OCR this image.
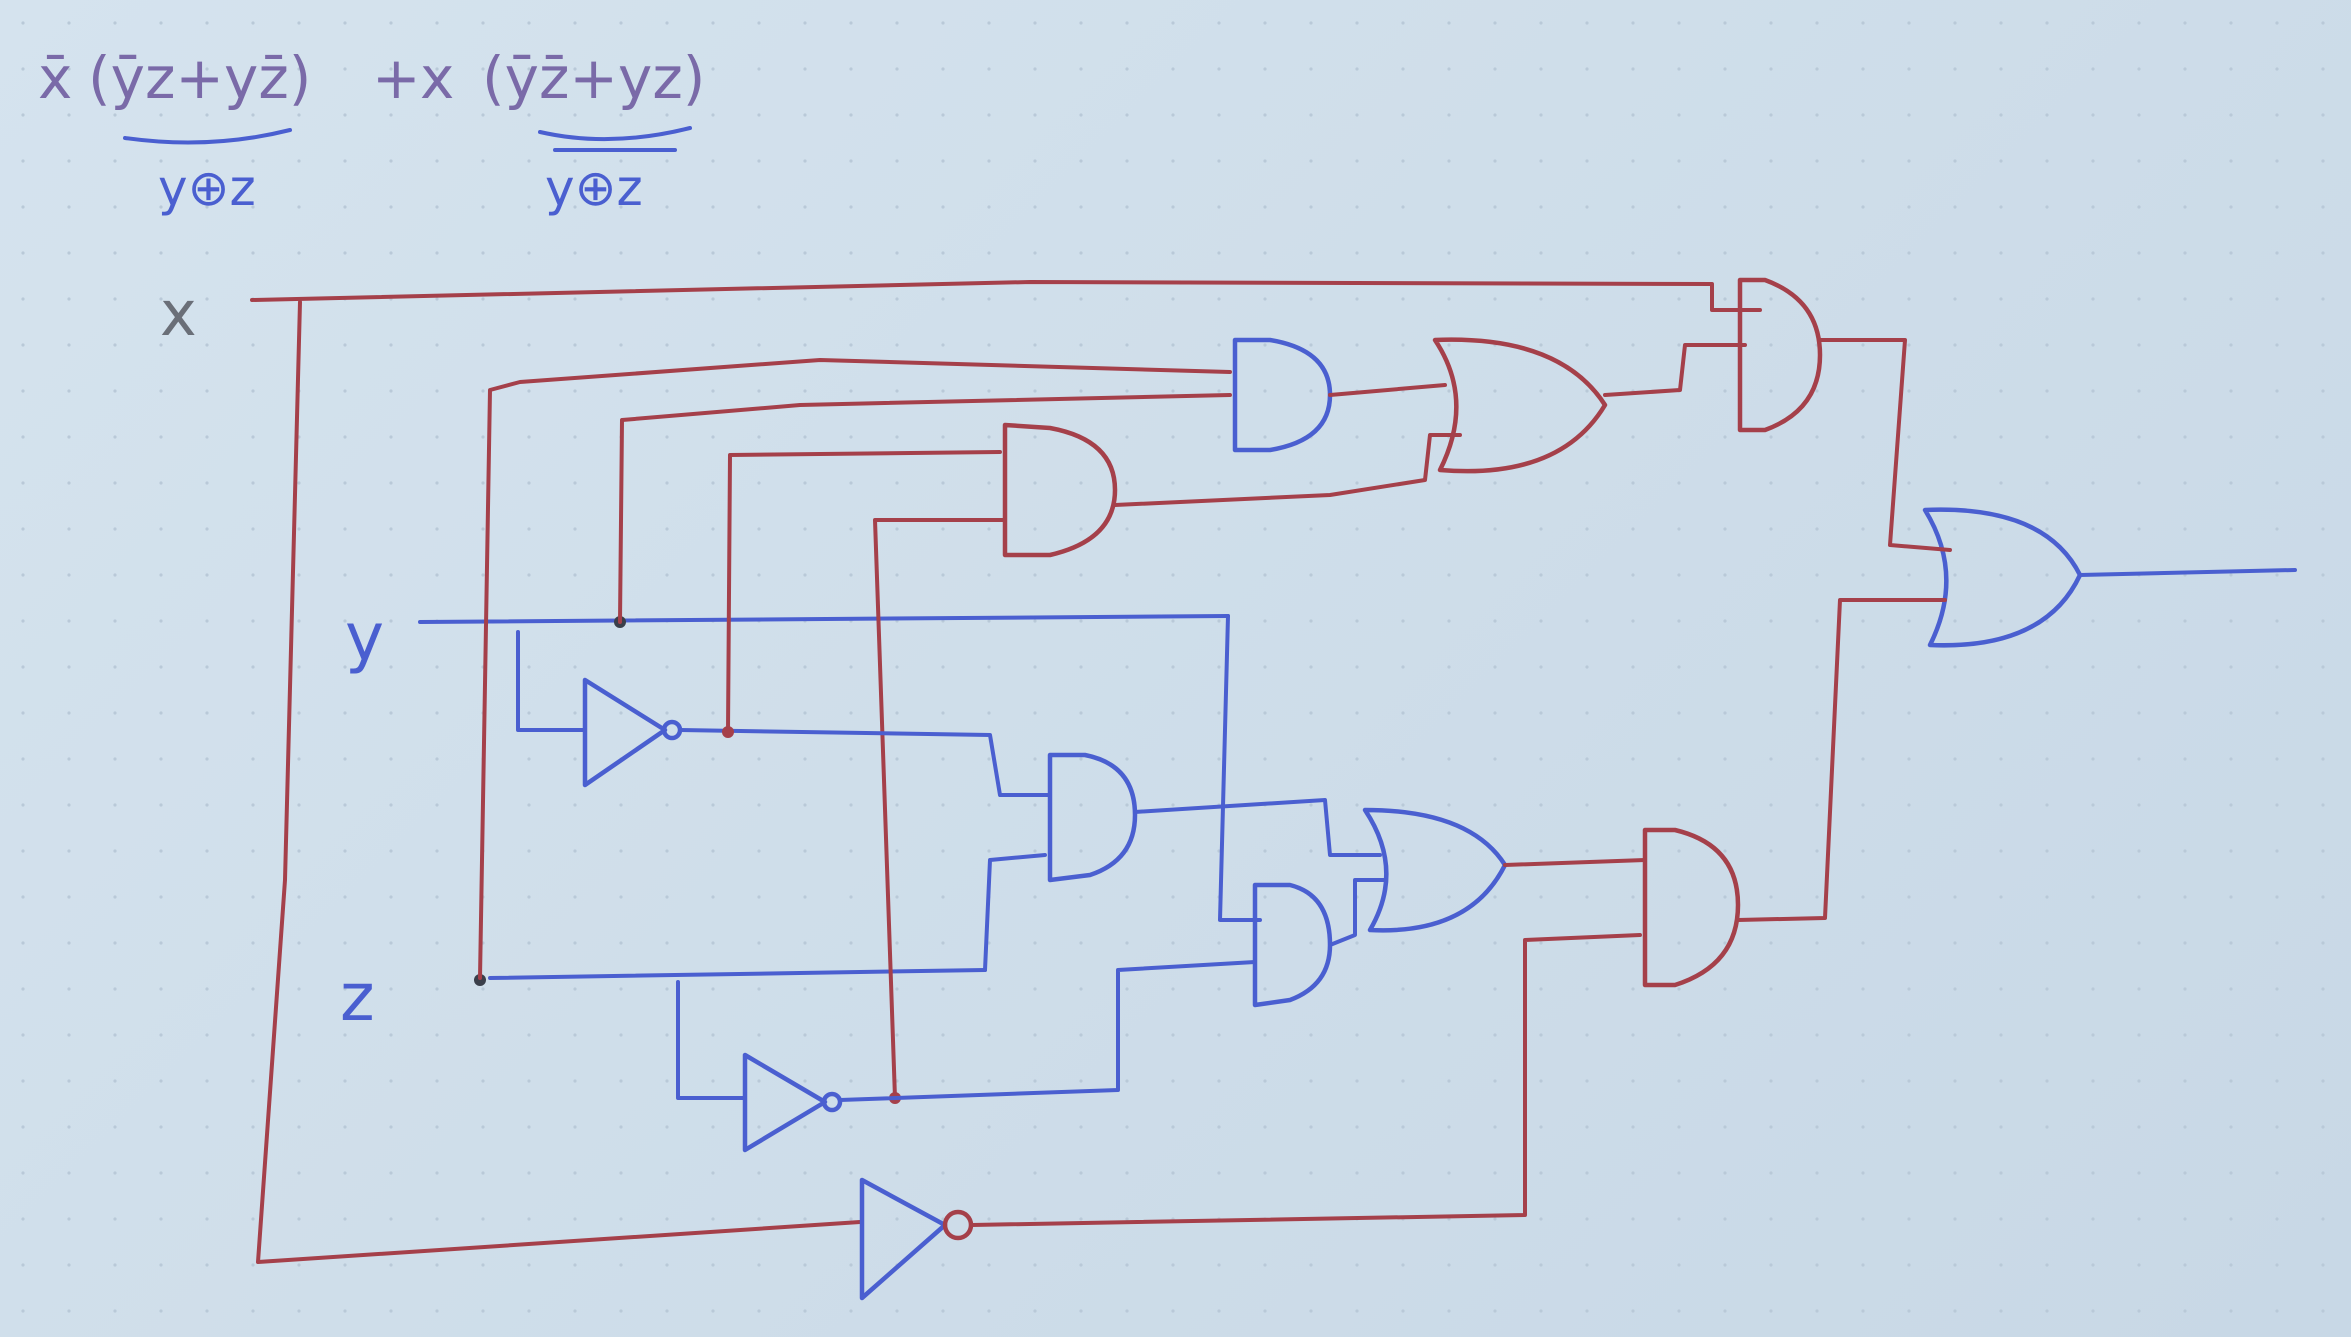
x̄ (ȳz+yz̄) + x (ȳz̄+yz)
y⊕z	y⊕z
x
y
z
